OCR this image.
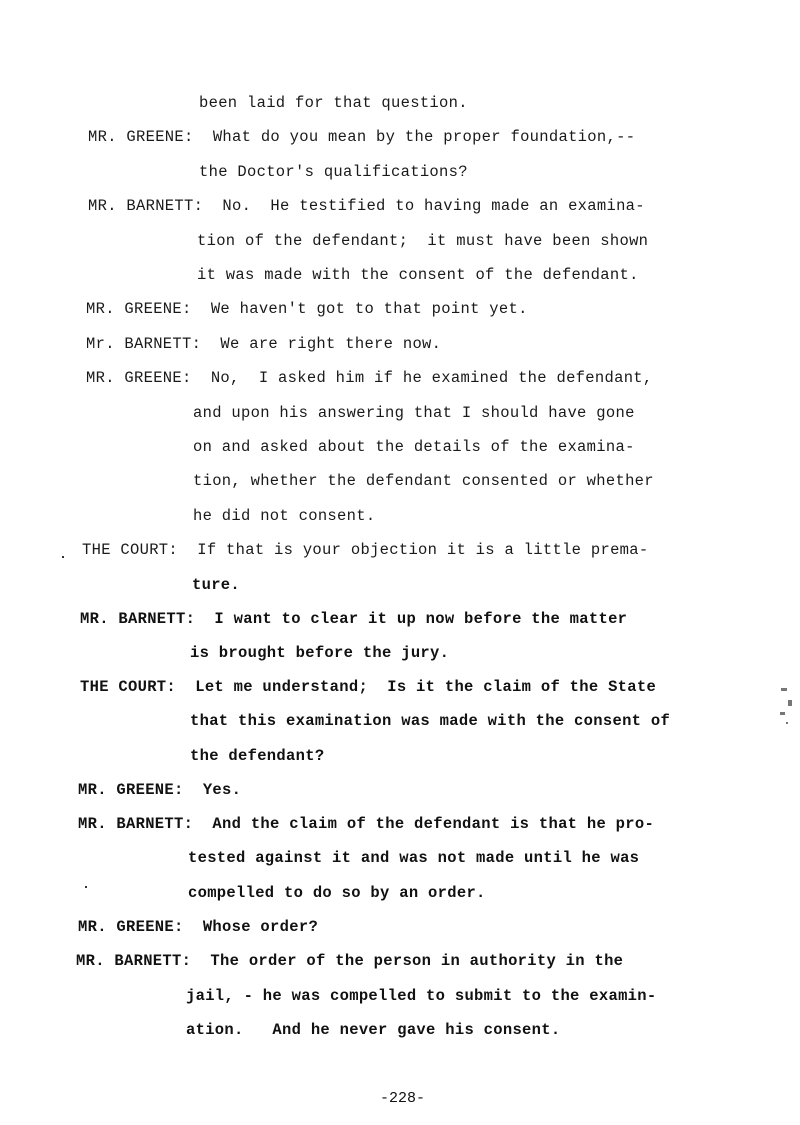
been laid for that question.
MR. GREENE:  What do you mean by the proper foundation,--
the Doctor's qualifications?
MR. BARNETT:  No.  He testified to having made an examina-
tion of the defendant;  it must have been shown
it was made with the consent of the defendant.
MR. GREENE:  We haven't got to that point yet.
Mr. BARNETT:  We are right there now.
MR. GREENE:  No,  I asked him if he examined the defendant,
and upon his answering that I should have gone
on and asked about the details of the examina-
tion, whether the defendant consented or whether
he did not consent.
THE COURT:  If that is your objection it is a little prema-
ture.
MR. BARNETT:  I want to clear it up now before the matter
is brought before the jury.
THE COURT:  Let me understand;  Is it the claim of the State
that this examination was made with the consent of
the defendant?
MR. GREENE:  Yes.
MR. BARNETT:  And the claim of the defendant is that he pro-
tested against it and was not made until he was
compelled to do so by an order.
MR. GREENE:  Whose order?
MR. BARNETT:  The order of the person in authority in the
jail, - he was compelled to submit to the examin-
ation.   And he never gave his consent.
-228-
